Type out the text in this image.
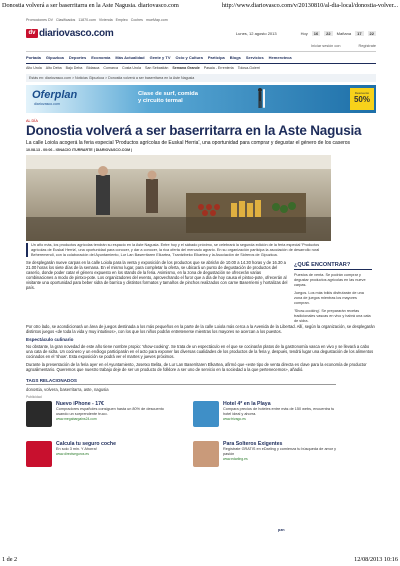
Donostia volverá a ser baserritarra en la Aste Nagusia. diariovasco.com	http://www.diariovasco.com/v/20130810/al-dia-local/donostia-volver...
Promociones DV Clasificados 11870.com Vivienda Empleo Coches mueMap.com
dv diariovasco.com	Lunes, 12 agosto 2013	Hoy	16	22	Mañana	17	22
Iniciar sesión con	Regístrate
Portada Gipuzkoa Deportes Economía Más Actualidad Gente y TV Ocio y Cultura Participa Blogs Servicios Hemeroteca
Alto Urola Alto Deba Bajo Deba Bidasoa Comarca Costa Urola San Sebastián Semana Grande Pasaia - Errenteria Tolosa-Goierri
Estás en: diariovasco.com > Noticias Gipuzkoa > Donostia volverá a ser baserritarra en la Aste Nagusia
Oferplan
diariovasco.com
Clase de surf, comida
y circuito termal
Descuento
50%
AL DÍA
Donostia volverá a ser baserritarra en la Aste Nagusia

La calle Loiola acogerá la feria especial 'Productos agrícolas de Euskal Herria', una oportunidad para comprar y degustar el género de los caseros

10.08.13 - 00:06 - IGNACIO ITURRARTE | DIARIOVASCO.COM |

Un año más, los productos agrícolas tendrán su espacio en la Aste Nagusia. Entre hoy y el sábado próximo, se celebrará la segunda edición de la feria especial 'Productos agrícolas de Euskal Herria', una oportunidad para conocer, y dar a conocer, la rica oferta del mercado agrario. En su organización participa la asociación de desarrollo rural Beheremendi, con la colaboración del Ayuntamiento, Lur Lan Baserritaren Elkartea, Txantzibeko Elkartea y la Asociación de Sidreros de Gipuzkoa.

Se desplegarán nueve carpas en la calle Loiola para la venta y exposición de los productos que se abrirán de 10.00 a 14.30 horas y de 16.30 a 21.00 horas los siete días de la semana. En el mismo lugar, para completar la oferta, se ubicará un punto de degustación de productos del caserío, donde poder catar el género expuesto en los stands de la feria. Asimismo, en la zona de degustación se ofrecerán varias combinaciones a modo de pintxo-pote. Los organizadores del evento, aprovechando el furor que a día de hoy causa el pintxo-pote, ofrecerán al visitante una oportunidad para beber sidra de barrica y distintos formatos y tamaños de pinchos realizados con carne Baserriemi y hortalizas del país.

¿QUÉ ENCONTRAR?

Puestos de venta. Se podrán comprar y degustar productos agrícolas en las nueve carpas.

Juegos. Los más txikis disfrutarán de una zona de juegos mientras los mayores compran.

'Show-cooking'. Se prepararán recetas tradicionales vascas en vivo y habrá una cata de sidra.

Por otro lado, se acondicionará un área de juegos destinada a los más pequeños en la parte de la calle Loiola más cerca a la Avenida de la Libertad. Allí, según la organización, se desplegarán distintos juegos «de toda la vida y muy intuitivos», con los que los niños podrán entretenerse mientras los mayores se acercan a los puestos.

Espectáculo culinario

No obstante, la gran novedad de este año tiene nombre propio: 'show-cooking'. Se trata de un espectáculo en el que se cocinarán platos de la gastronomía vasca en vivo y se llevará a cabo una cata de sidra. Un cocinero y un enólogo participarán en el acto para exponer las diversas cualidades de los productos de la feria y, después, tendrá lugar una degustación de los alimentos cocinados en el 'show'. Esta exposición se podrá ver el martes y jueves próximos.

Durante la presentación de la feria ayer en el Ayuntamiento, Josetxo Belita, de Lur Lan Baserritaren Elkartea, afirmó que «este tipo de venta directa es clave para la economía de productor agroalimentario. Queremos que nuestro trabajo deje de ser un producto de folklore a ser uno de servicio en la sociedad a la que pertenecemos», añadió.

TAGS RELACIONADOS
donostia, volvera, baserritarra, aste, nagusia
Publicidad
Nuevo iPhone - 17€
Compradores españoles consiguen hasta un 80% de descuento usando un sorprendente truco.
www.megabargains24.com
Hotel 4* en la Playa
Compara precios de hoteles entre más de 150 webs, encuentra tu hotel ideal y ahorra.
www.trivago.es
Calcula tu seguro coche
En solo 3 min. Y Ahorra!
www.directseguros.es
Para Solteros Exigentes
Regístrate GRATIS en eDarling y comienza tu búsqueda de amor y pasión
www.edarling.es
pzn
1 de 2	12/08/2013 10:16
